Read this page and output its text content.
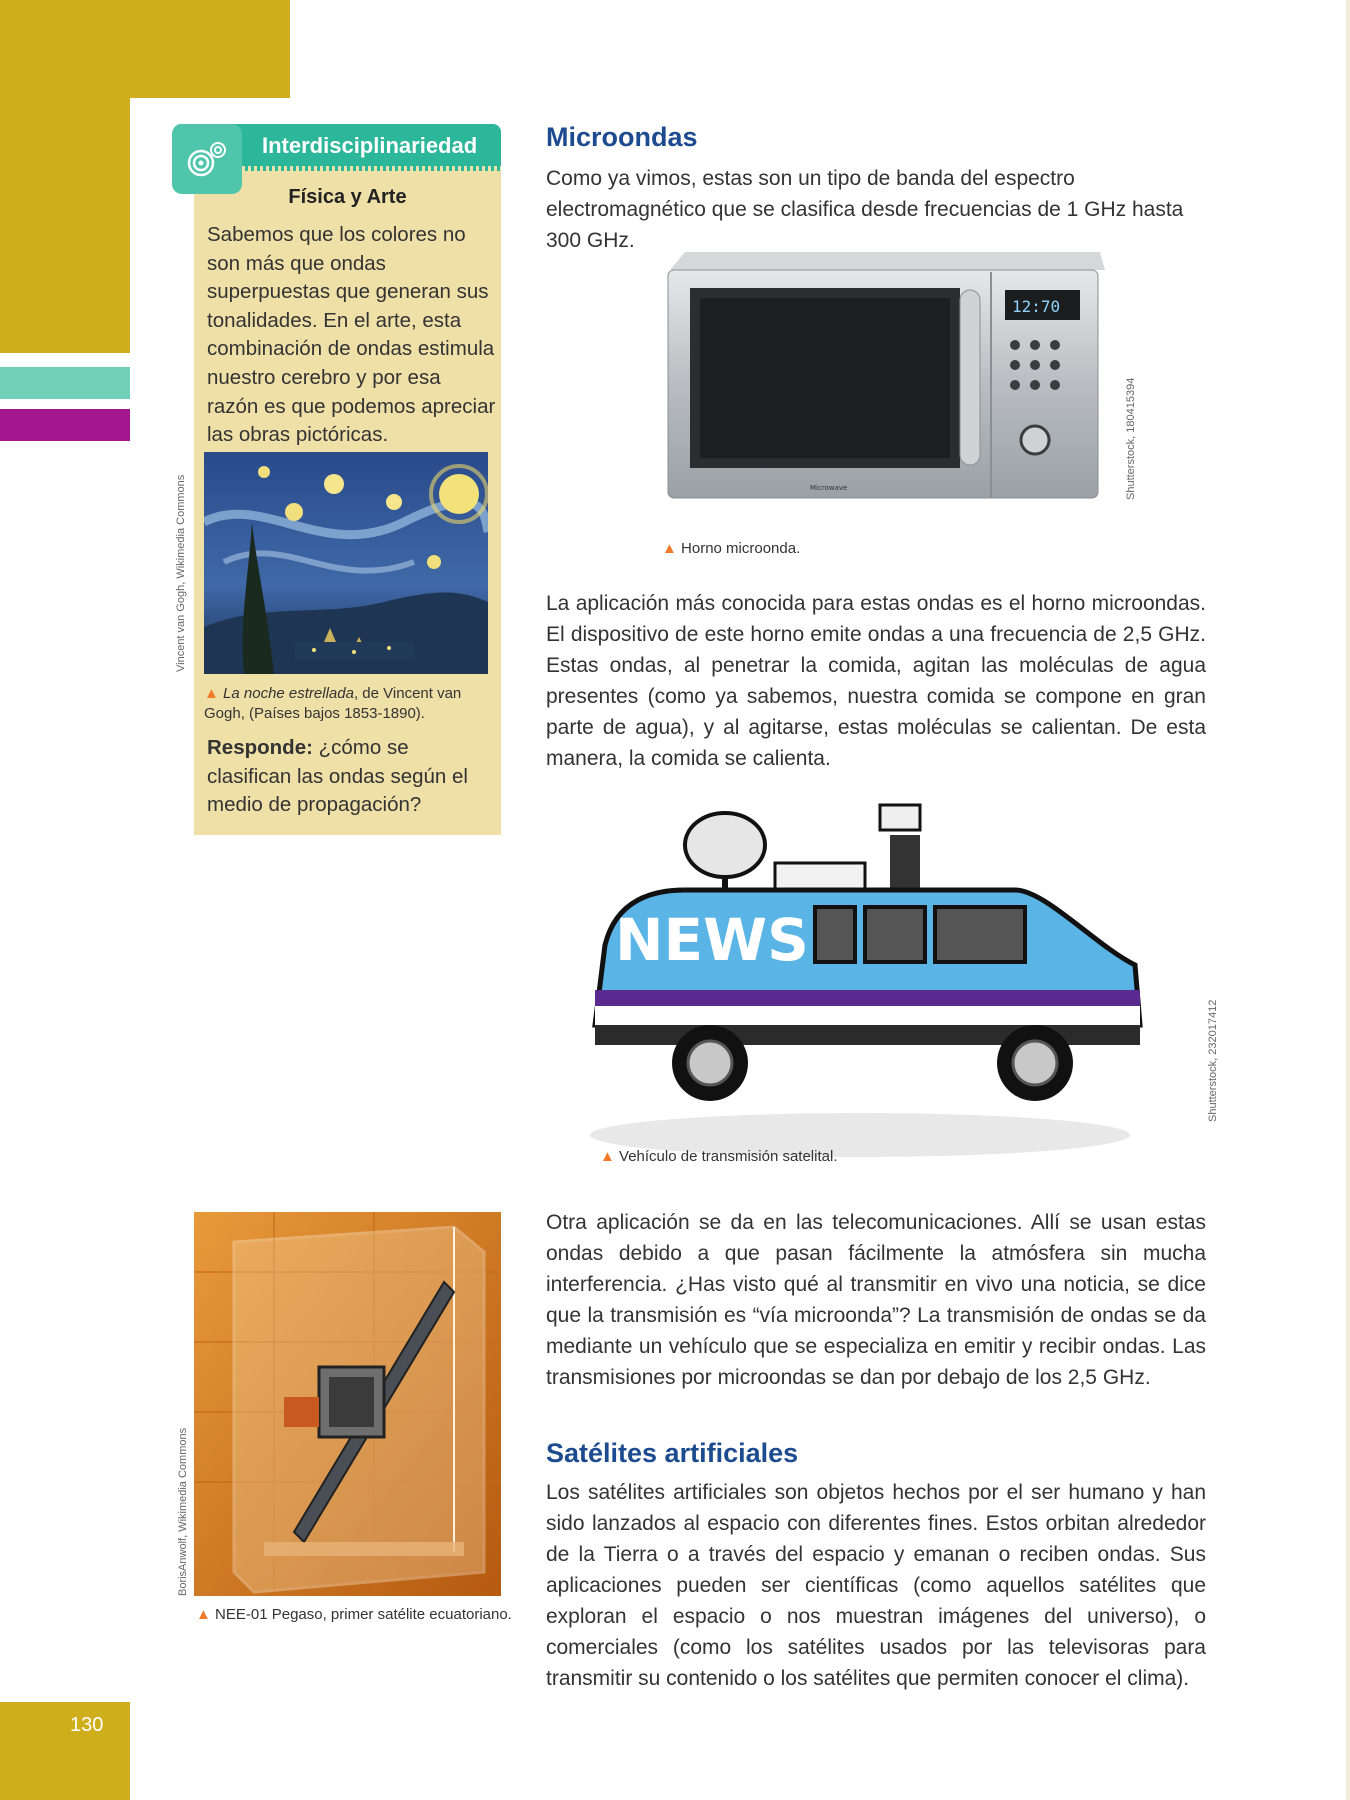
130
Interdisciplinariedad
Física y Arte

Sabemos que los colores no son más que ondas superpuestas que generan sus tonalidades. En el arte, esta combinación de ondas estimula nuestro cerebro y por esa razón es que podemos apreciar las obras pictóricas.

Vincent van Gogh, Wikimedia Commons

▲ La noche estrellada, de Vincent van Gogh, (Países bajos 1853-1890).

Responde: ¿cómo se clasifican las ondas según el medio de propagación?

Microondas

Como ya vimos, estas son un tipo de banda del espectro electromagnético que se clasifica desde frecuencias de 1 GHz hasta 300 GHz.

12:70
Microwave	Shutterstock, 180415394
▲ Horno microonda.

La aplicación más conocida para estas ondas es el horno microondas. El dispositivo de este horno emite ondas a una frecuencia de 2,5 GHz. Estas ondas, al penetrar la comida, agitan las moléculas de agua presentes (como ya sabemos, nuestra comida se compone en gran parte de agua), y al agitarse, estas moléculas se calientan. De esta manera, la comida se calienta.

NEWS
Shutterstock, 232017412
▲ Vehículo de transmisión satelital.

Otra aplicación se da en las telecomunicaciones. Allí se usan estas ondas debido a que pasan fácilmente la atmósfera sin mucha interferencia. ¿Has visto qué al transmitir en vivo una noticia, se dice que la transmisión es “vía microonda”? La transmisión de ondas se da mediante un vehículo que se especializa en emitir y recibir ondas. Las transmisiones por microondas se dan por debajo de los 2,5 GHz.

BorisAnwolf, Wikimedia Commons
▲ NEE-01 Pegaso, primer satélite ecuatoriano.
Satélites artificiales

Los satélites artificiales son objetos hechos por el ser humano y han sido lanzados al espacio con diferentes fines. Estos orbitan alrededor de la Tierra o a través del espacio y emanan o reciben ondas. Sus aplicaciones pueden ser científicas (como aquellos satélites que exploran el espacio o nos muestran imágenes del universo), o comerciales (como los satélites usados por las televisoras para transmitir su contenido o los satélites que permiten conocer el clima).
